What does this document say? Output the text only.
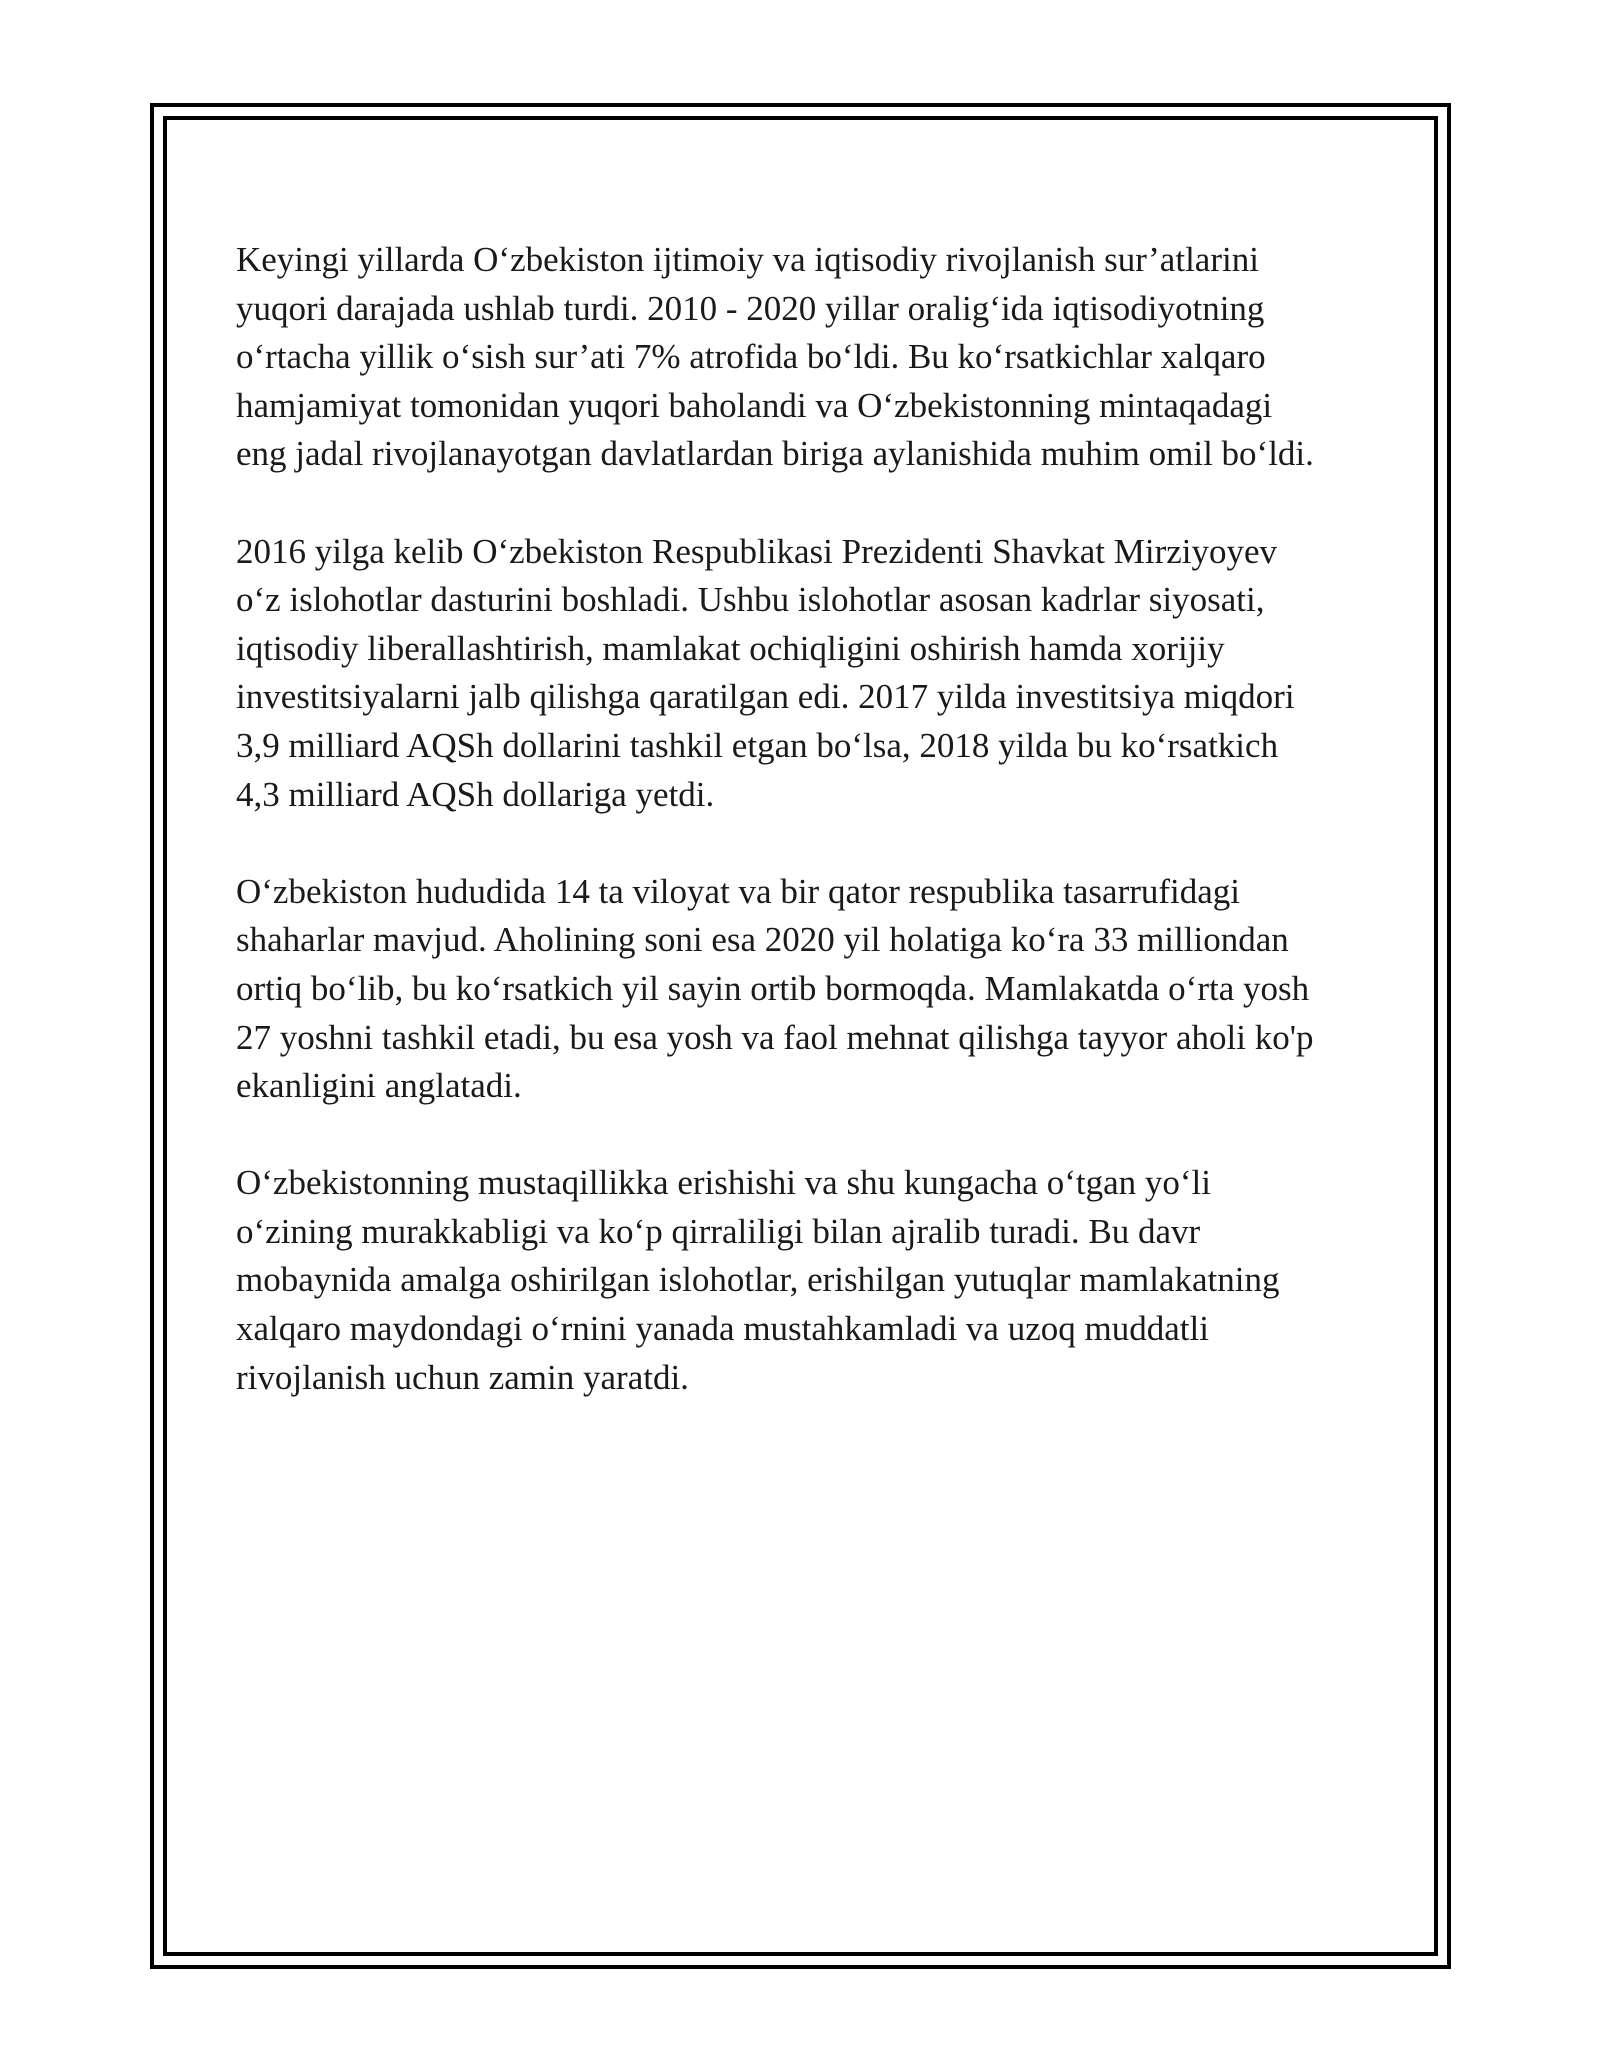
Keyingi yillarda O‘zbekiston ijtimoiy va iqtisodiy rivojlanish sur’atlarini
yuqori darajada ushlab turdi. 2010 - 2020 yillar oralig‘ida iqtisodiyotning
o‘rtacha yillik o‘sish sur’ati 7% atrofida bo‘ldi. Bu ko‘rsatkichlar xalqaro
hamjamiyat tomonidan yuqori baholandi va O‘zbekistonning mintaqadagi
eng jadal rivojlanayotgan davlatlardan biriga aylanishida muhim omil bo‘ldi.

2016 yilga kelib O‘zbekiston Respublikasi Prezidenti Shavkat Mirziyoyev
o‘z islohotlar dasturini boshladi. Ushbu islohotlar asosan kadrlar siyosati,
iqtisodiy liberallashtirish, mamlakat ochiqligini oshirish hamda xorijiy
investitsiyalarni jalb qilishga qaratilgan edi. 2017 yilda investitsiya miqdori
3,9 milliard AQSh dollarini tashkil etgan bo‘lsa, 2018 yilda bu ko‘rsatkich
4,3 milliard AQSh dollariga yetdi.

O‘zbekiston hududida 14 ta viloyat va bir qator respublika tasarrufidagi
shaharlar mavjud. Aholining soni esa 2020 yil holatiga ko‘ra 33 milliondan
ortiq bo‘lib, bu ko‘rsatkich yil sayin ortib bormoqda. Mamlakatda o‘rta yosh
27 yoshni tashkil etadi, bu esa yosh va faol mehnat qilishga tayyor aholi ko'p
ekanligini anglatadi.

O‘zbekistonning mustaqillikka erishishi va shu kungacha o‘tgan yo‘li
o‘zining murakkabligi va ko‘p qirraliligi bilan ajralib turadi. Bu davr
mobaynida amalga oshirilgan islohotlar, erishilgan yutuqlar mamlakatning
xalqaro maydondagi o‘rnini yanada mustahkamladi va uzoq muddatli
rivojlanish uchun zamin yaratdi.
